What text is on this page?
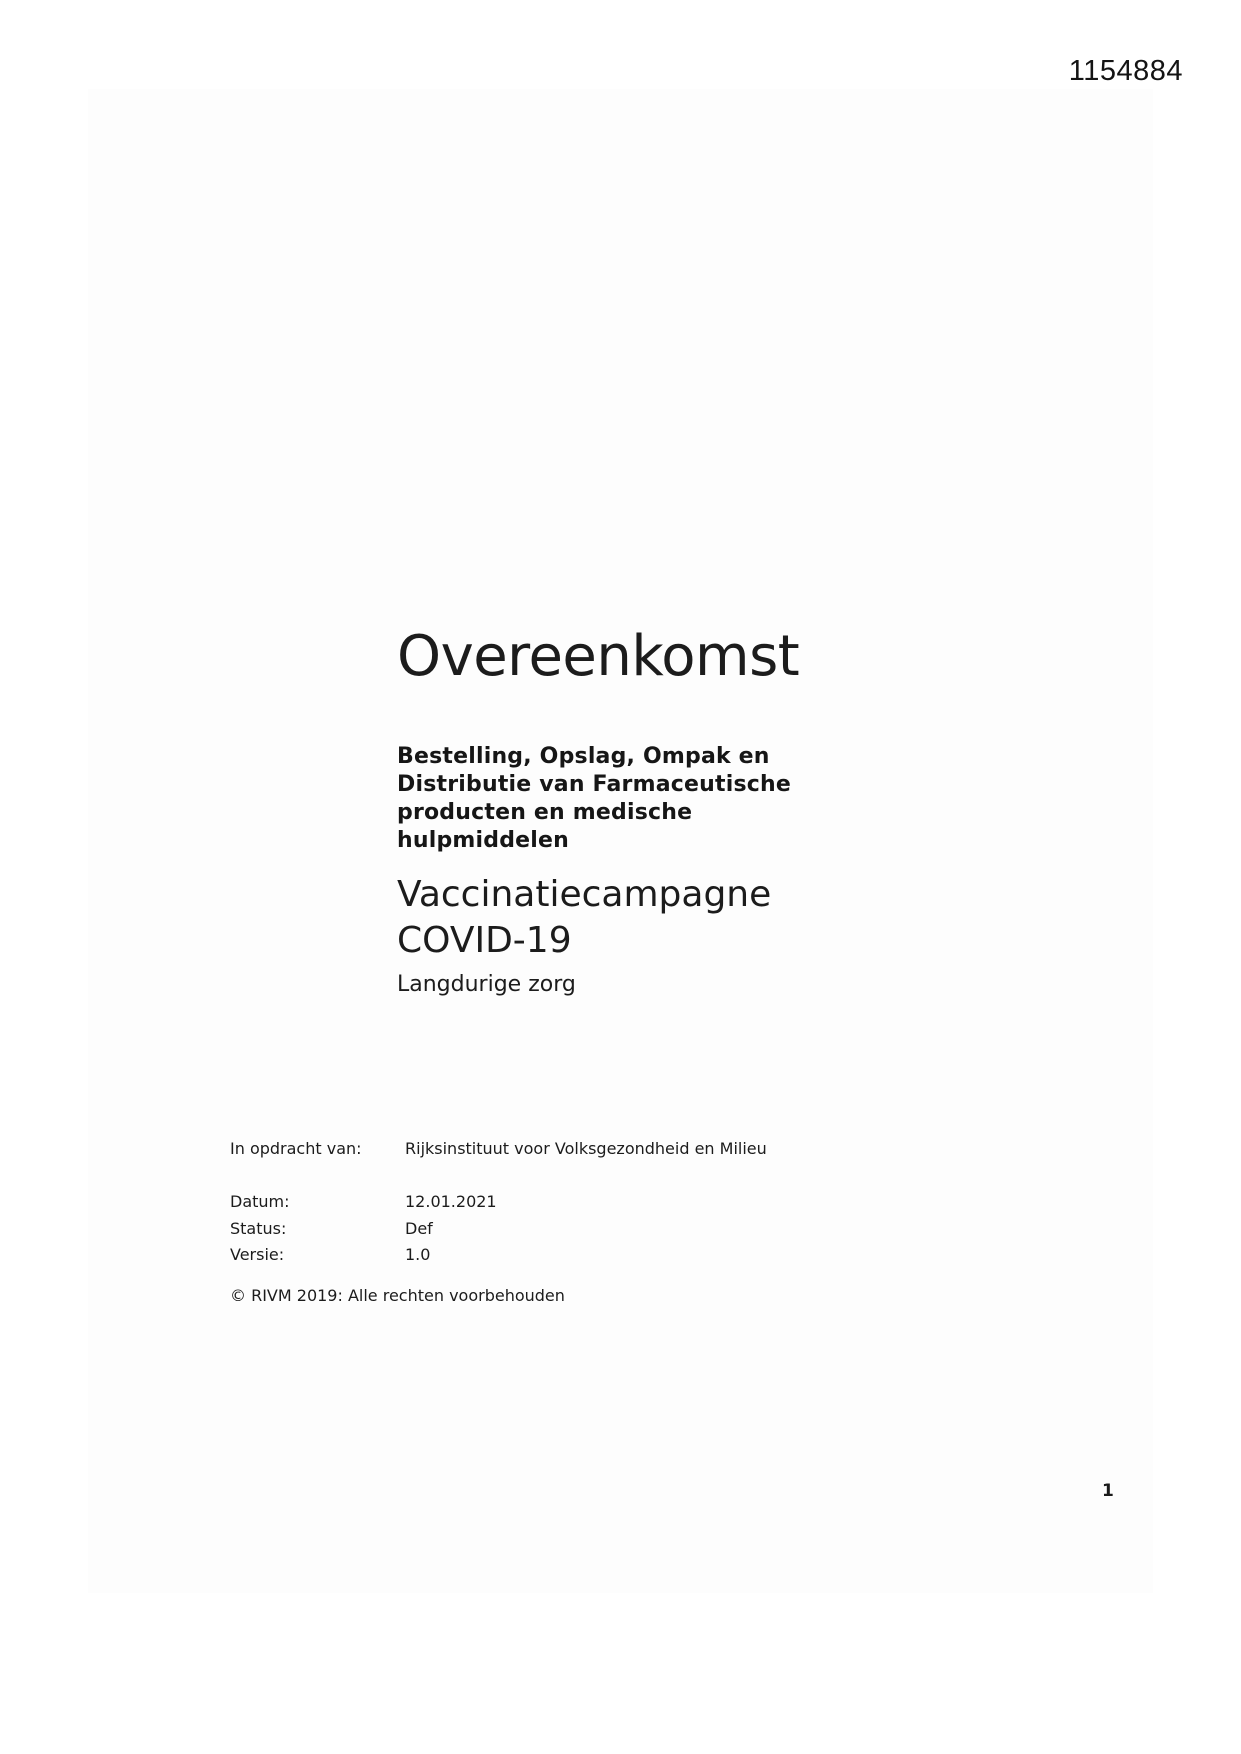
1154884
Overeenkomst
Bestelling, Opslag, Ompak en
Distributie van Farmaceutische
producten en medische
hulpmiddelen
Vaccinatiecampagne
COVID-19
Langdurige zorg
In opdracht van:	Rijksinstituut voor Volksgezondheid en Milieu
Datum:	12.01.2021
Status:	Def
Versie:	1.0
© RIVM 2019: Alle rechten voorbehouden
1
